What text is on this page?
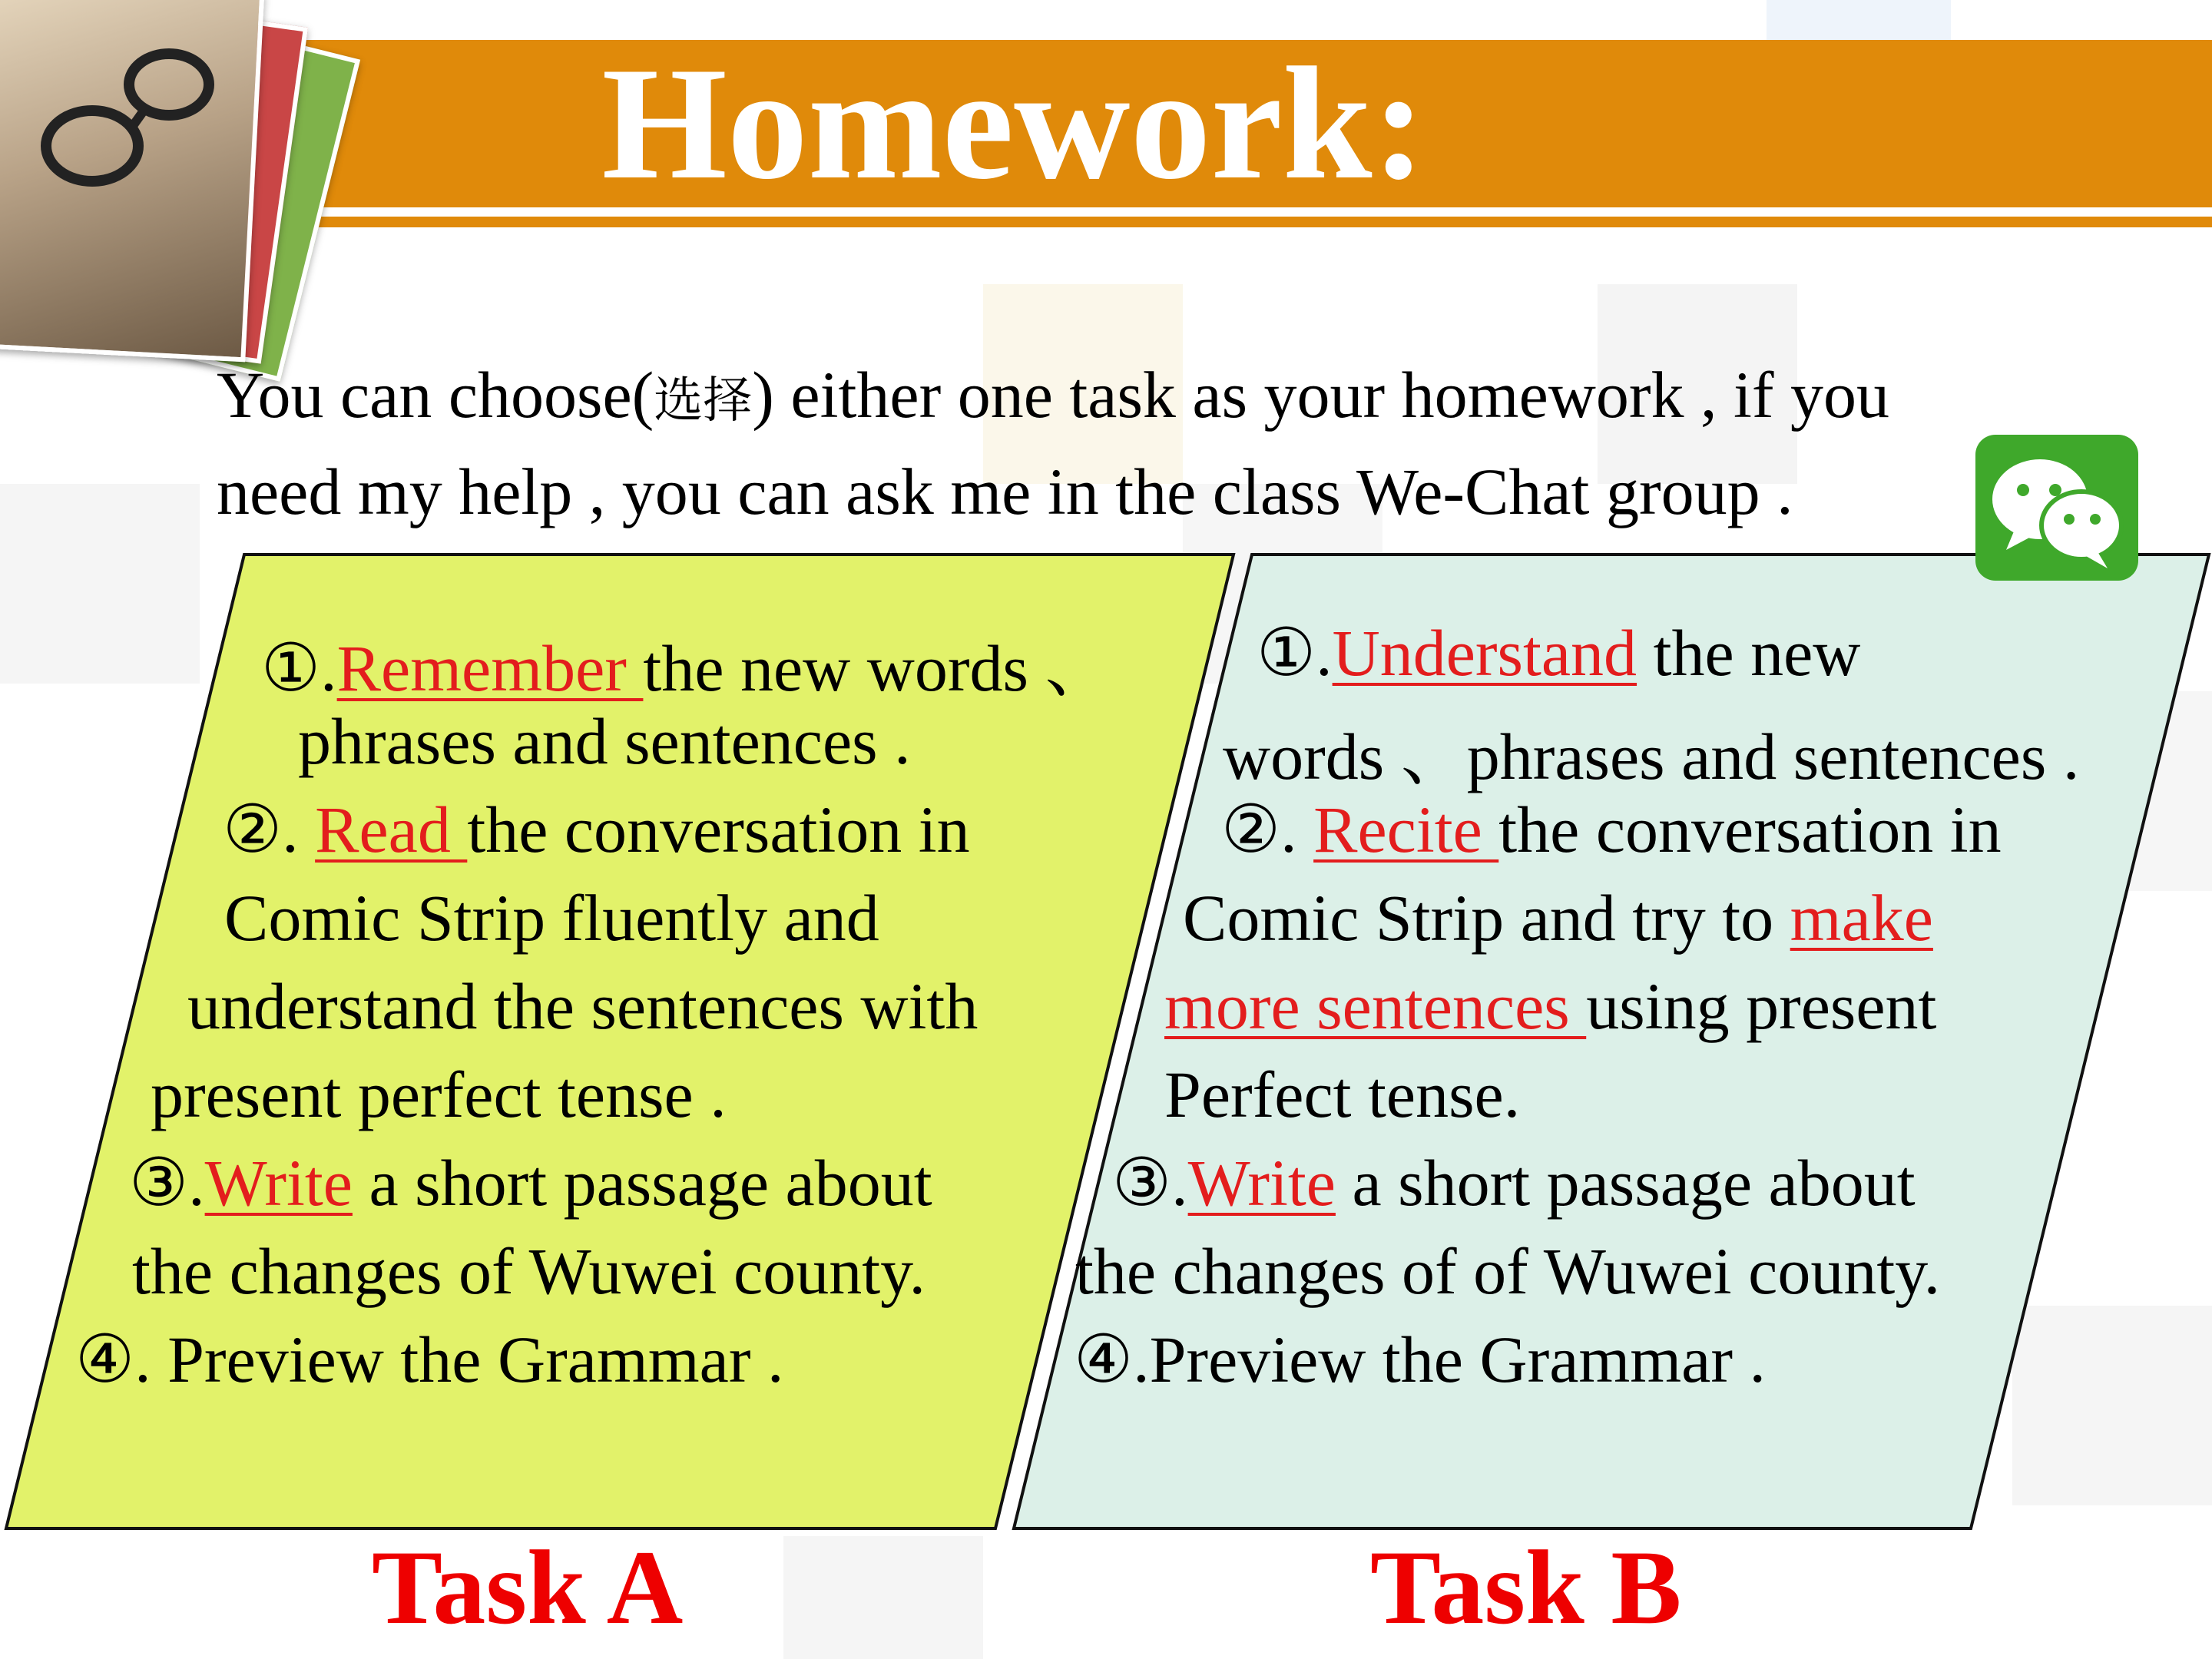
Homework:
You can choose(选择) either one task as your homework , if you
need my help , you can ask me in the class We-Chat group .
①.Remember the new words 、
phrases and sentences .
②. Read the conversation in
Comic Strip fluently and
understand the sentences with
present perfect tense .
③.Write a short passage about
the changes of Wuwei county.
④. Preview the Grammar .
①.Understand the new
words 、phrases and sentences .
②. Recite the conversation in
Comic Strip and try to make
more sentences using present
Perfect tense.
③.Write a short passage about
the changes of of Wuwei county.
④.Preview the Grammar .
Task A	Task B
